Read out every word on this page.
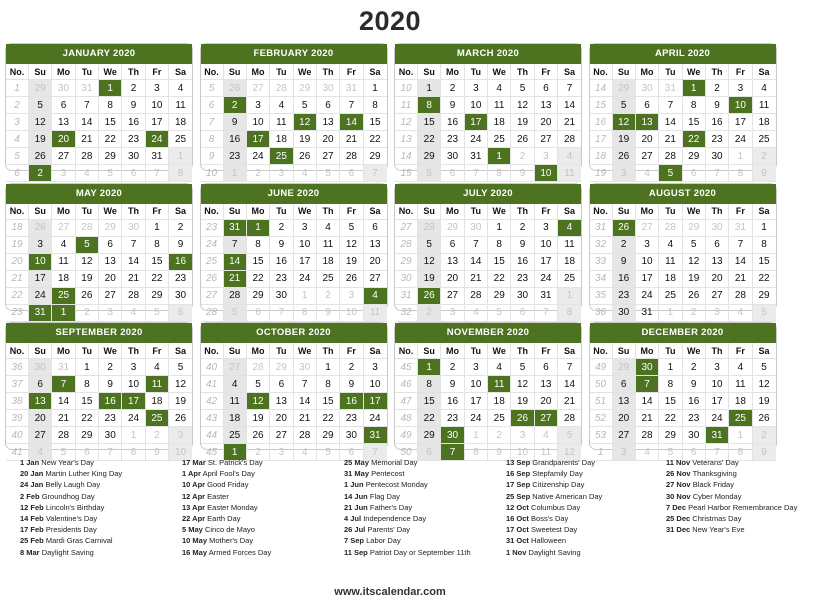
2020
JANUARY 2020
No.	Su	Mo	Tu	We	Th	Fr	Sa
1	29	30	31	1	2	3	4
2	5	6	7	8	9	10	11
3	12	13	14	15	16	17	18
4	19	20	21	22	23	24	25
5	26	27	28	29	30	31	1
6	2	3	4	5	6	7	8
FEBRUARY 2020
No.	Su	Mo	Tu	We	Th	Fr	Sa
5	26	27	28	29	30	31	1
6	2	3	4	5	6	7	8
7	9	10	11	12	13	14	15
8	16	17	18	19	20	21	22
9	23	24	25	26	27	28	29
10	1	2	3	4	5	6	7
MARCH 2020
No.	Su	Mo	Tu	We	Th	Fr	Sa
10	1	2	3	4	5	6	7
11	8	9	10	11	12	13	14
12	15	16	17	18	19	20	21
13	22	23	24	25	26	27	28
14	29	30	31	1	2	3	4
15	5	6	7	8	9	10	11
APRIL 2020
No.	Su	Mo	Tu	We	Th	Fr	Sa
14	29	30	31	1	2	3	4
15	5	6	7	8	9	10	11
16	12	13	14	15	16	17	18
17	19	20	21	22	23	24	25
18	26	27	28	29	30	1	2
19	3	4	5	6	7	8	9
MAY 2020
No.	Su	Mo	Tu	We	Th	Fr	Sa
18	26	27	28	29	30	1	2
19	3	4	5	6	7	8	9
20	10	11	12	13	14	15	16
21	17	18	19	20	21	22	23
22	24	25	26	27	28	29	30
23	31	1	2	3	4	5	6
JUNE 2020
No.	Su	Mo	Tu	We	Th	Fr	Sa
23	31	1	2	3	4	5	6
24	7	8	9	10	11	12	13
25	14	15	16	17	18	19	20
26	21	22	23	24	25	26	27
27	28	29	30	1	2	3	4
28	5	6	7	8	9	10	11
JULY 2020
No.	Su	Mo	Tu	We	Th	Fr	Sa
27	28	29	30	1	2	3	4
28	5	6	7	8	9	10	11
29	12	13	14	15	16	17	18
30	19	20	21	22	23	24	25
31	26	27	28	29	30	31	1
32	2	3	4	5	6	7	8
AUGUST 2020
No.	Su	Mo	Tu	We	Th	Fr	Sa
31	26	27	28	29	30	31	1
32	2	3	4	5	6	7	8
33	9	10	11	12	13	14	15
34	16	17	18	19	20	21	22
35	23	24	25	26	27	28	29
36	30	31	1	2	3	4	5
SEPTEMBER 2020
No.	Su	Mo	Tu	We	Th	Fr	Sa
36	30	31	1	2	3	4	5
37	6	7	8	9	10	11	12
38	13	14	15	16	17	18	19
39	20	21	22	23	24	25	26
40	27	28	29	30	1	2	3
41	4	5	6	7	8	9	10
OCTOBER 2020
No.	Su	Mo	Tu	We	Th	Fr	Sa
40	27	28	29	30	1	2	3
41	4	5	6	7	8	9	10
42	11	12	13	14	15	16	17
43	18	19	20	21	22	23	24
44	25	26	27	28	29	30	31
45	1	2	3	4	5	6	7
NOVEMBER 2020
No.	Su	Mo	Tu	We	Th	Fr	Sa
45	1	2	3	4	5	6	7
46	8	9	10	11	12	13	14
47	15	16	17	18	19	20	21
48	22	23	24	25	26	27	28
49	29	30	1	2	3	4	5
50	6	7	8	9	10	11	12
DECEMBER 2020
No.	Su	Mo	Tu	We	Th	Fr	Sa
49	29	30	1	2	3	4	5
50	6	7	8	9	10	11	12
51	13	14	15	16	17	18	19
52	20	21	22	23	24	25	26
53	27	28	29	30	31	1	2
1	3	4	5	6	7	8	9
1 Jan New Year's Day
20 Jan Martin Luther King Day
24 Jan Belly Laugh Day
2 Feb Groundhog Day
12 Feb Lincoln's Birthday
14 Feb Valentine's Day
17 Feb Presidents Day
25 Feb Mardi Gras Carnival
8 Mar Daylight Saving
17 Mar St. Patrick's Day
1 Apr April Fool's Day
10 Apr Good Friday
12 Apr Easter
13 Apr Easter Monday
22 Apr Earth Day
5 May Cinco de Mayo
10 May Mother's Day
16 May Armed Forces Day
25 May Memorial Day
31 May Pentecost
1 Jun Pentecost Monday
14 Jun Flag Day
21 Jun Father's Day
4 Jul Independence Day
26 Jul Parents' Day
7 Sep Labor Day
11 Sep Patriot Day or September 11th
13 Sep Grandparents' Day
16 Sep Stepfamily Day
17 Sep Citizenship Day
25 Sep Native American Day
12 Oct Columbus Day
16 Oct Boss's Day
17 Oct Sweetest Day
31 Oct Halloween
1 Nov Daylight Saving
11 Nov Veterans' Day
26 Nov Thanksgiving
27 Nov Black Friday
30 Nov Cyber Monday
7 Dec Pearl Harbor Remembrance Day
25 Dec Christmas Day
31 Dec New Year's Eve
www.itscalendar.com
